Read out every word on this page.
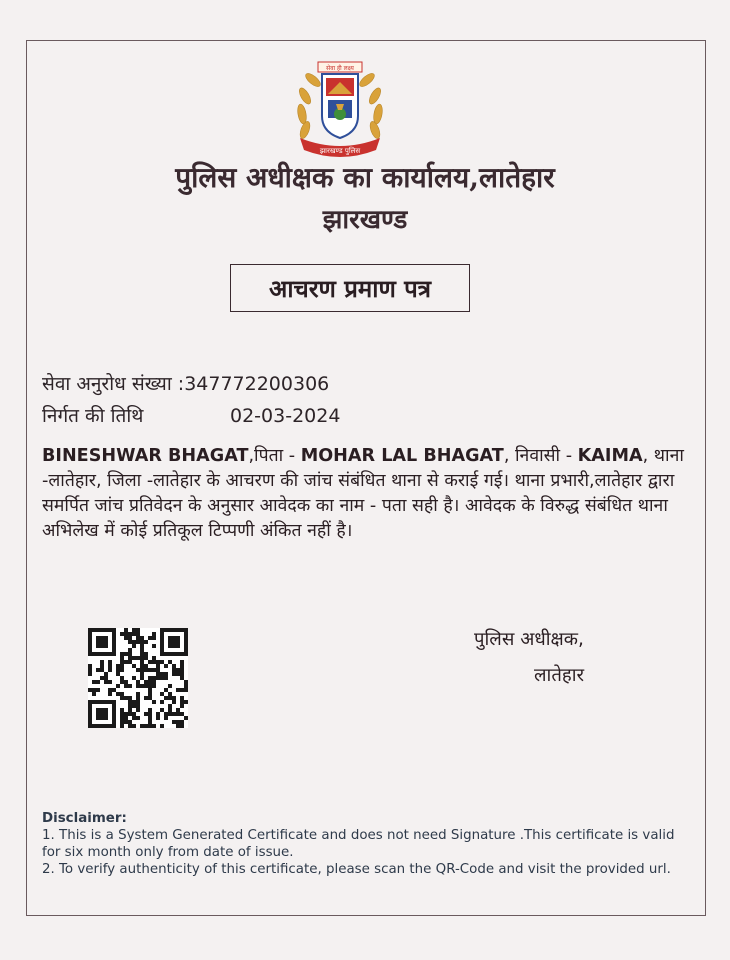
सेवा ही लक्ष्य
झारखण्ड पुलिस
पुलिस अधीक्षक का कार्यालय,लातेहार
झारखण्ड
आचरण प्रमाण पत्र
सेवा अनुरोध संख्या :347772200306
निर्गत की तिथि	02-03-2024

BINESHWAR BHAGAT,पिता - MOHAR LAL BHAGAT, निवासी - KAIMA, थाना -लातेहार, जिला -लातेहार के आचरण की जांच संबंधित थाना से कराई गई। थाना प्रभारी,लातेहार द्वारा समर्पित जांच प्रतिवेदन के अनुसार आवेदक का नाम - पता सही है। आवेदक के विरुद्ध संबंधित थाना अभिलेख में कोई प्रतिकूल टिप्पणी अंकित नहीं है।

पुलिस अधीक्षक,
लातेहार

Disclaimer:

1. This is a System Generated Certificate and does not need Signature .This certificate is valid for six month only from date of issue.

2. To verify authenticity of this certificate, please scan the QR-Code and visit the provided url.
